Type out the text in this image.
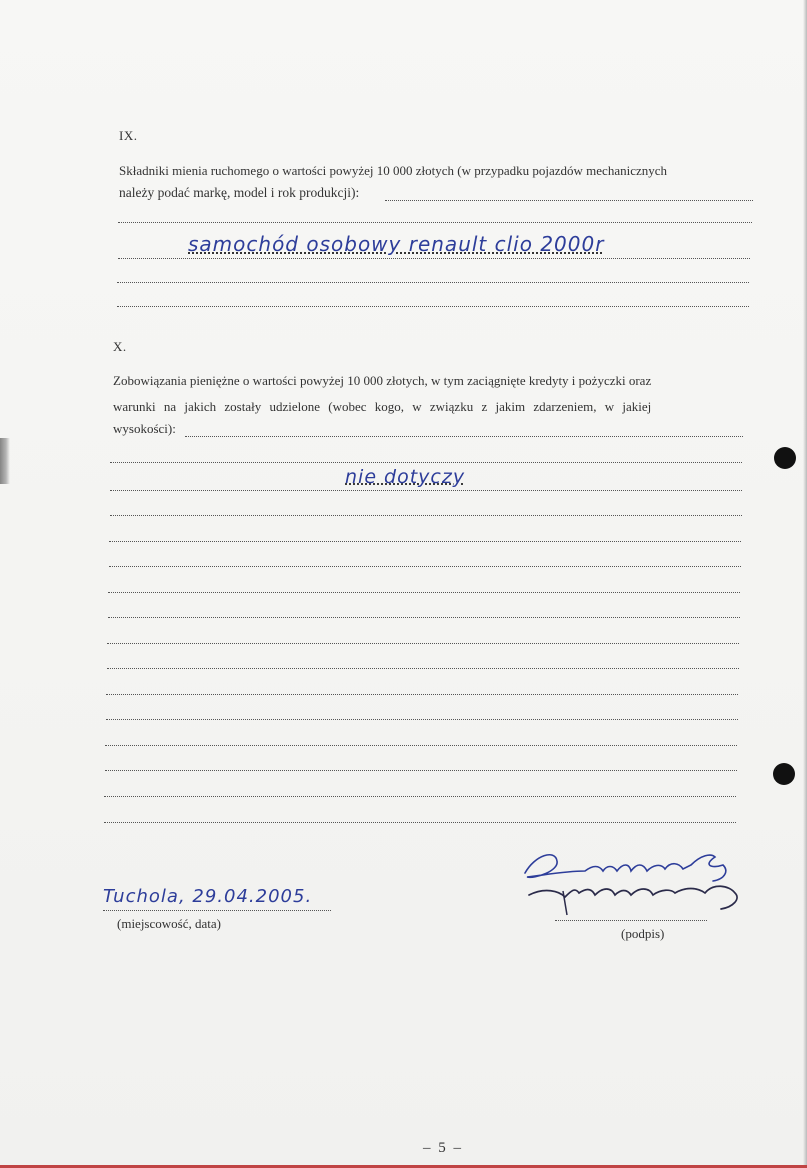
IX.
Składniki mienia ruchomego o wartości powyżej 10 000 złotych (w przypadku pojazdów mechanicznych
należy podać markę, model i rok produkcji):
samochód osobowy renault clio 2000r
X.
Zobowiązania pieniężne o wartości powyżej 10 000 złotych, w tym zaciągnięte kredyty i pożyczki oraz
warunki na jakich zostały udzielone (wobec kogo, w związku z jakim zdarzeniem, w jakiej
wysokości):
nie dotyczy
Tuchola, 29.04.2005.
(miejscowość, data)
(podpis)
– 5 –
